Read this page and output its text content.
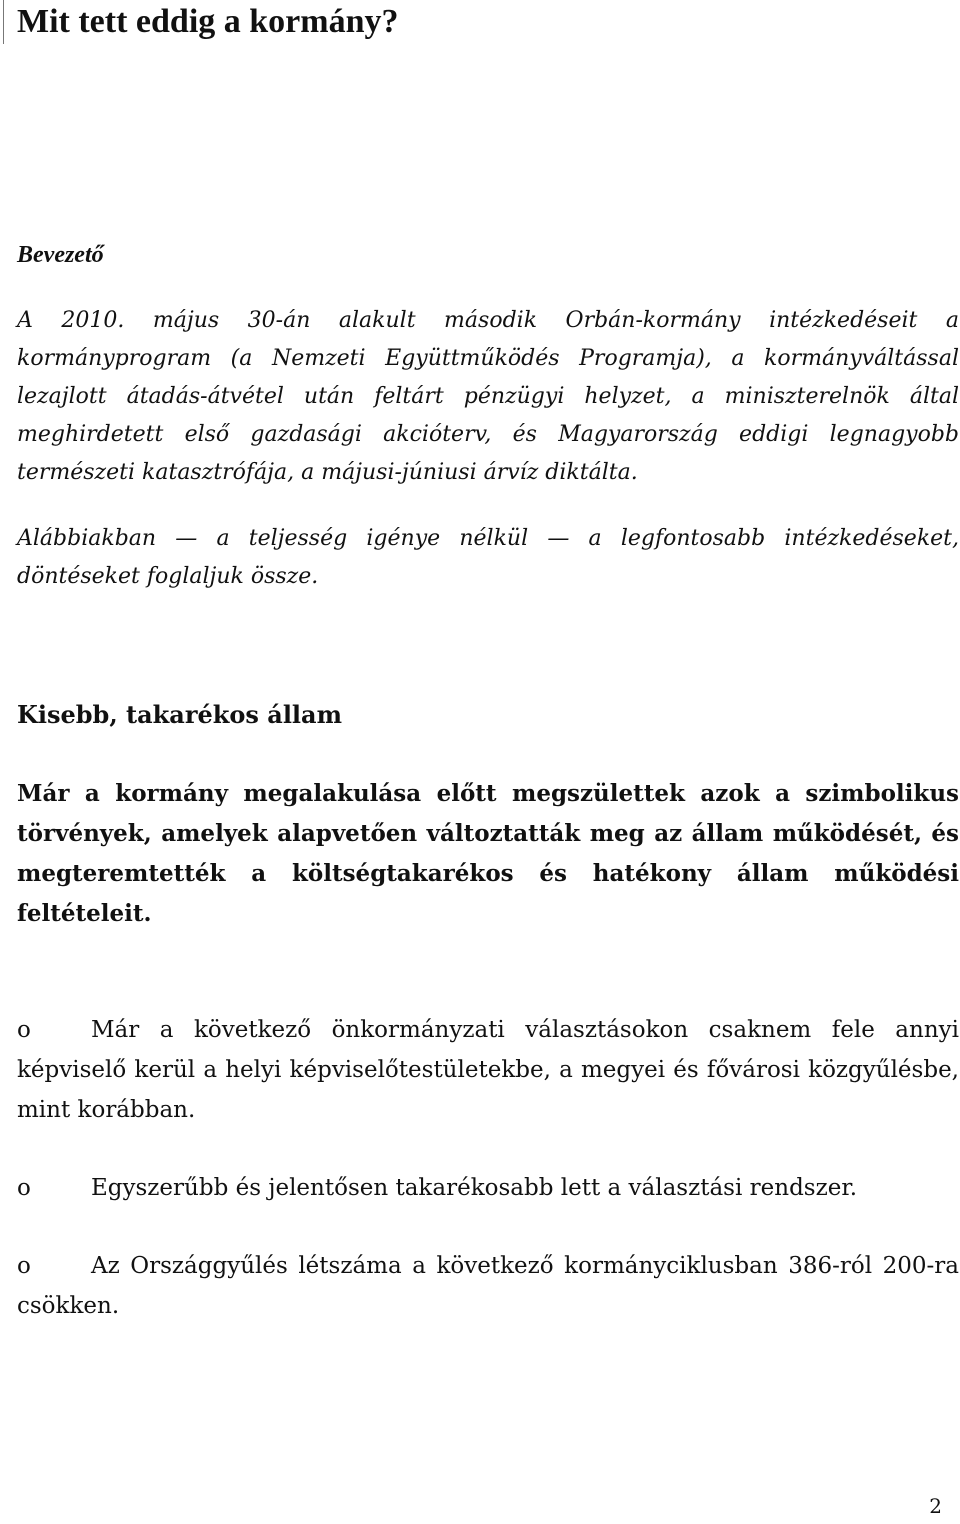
Mit tett eddig a kormány?
Bevezető

A 2010. május 30-án alakult második Orbán-kormány intézkedéseit a kormányprogram (a Nemzeti Együttműködés Programja), a kormányváltással lezajlott átadás-átvétel után feltárt pénzügyi helyzet, a miniszterelnök által meghirdetett első gazdasági akcióterv, és Magyarország eddigi legnagyobb természeti katasztrófája, a májusi-júniusi árvíz diktálta.

Alábbiakban — a teljesség igénye nélkül — a legfontosabb intézkedéseket, döntéseket foglaljuk össze.

Kisebb, takarékos állam

Már a kormány megalakulása előtt megszülettek azok a szimbolikus törvények, amelyek alapvetően változtatták meg az állam működését, és megteremtették a költségtakarékos és hatékony állam működési feltételeit.

o	Már a következő önkormányzati választásokon csaknem fele annyi képviselő kerül a helyi képviselőtestületekbe, a megyei és fővárosi közgyűlésbe, mint korábban.
o	Egyszerűbb és jelentősen takarékosabb lett a választási rendszer.
o	Az Országgyűlés létszáma a következő kormányciklusban 386-ról 200-ra csökken.
2
